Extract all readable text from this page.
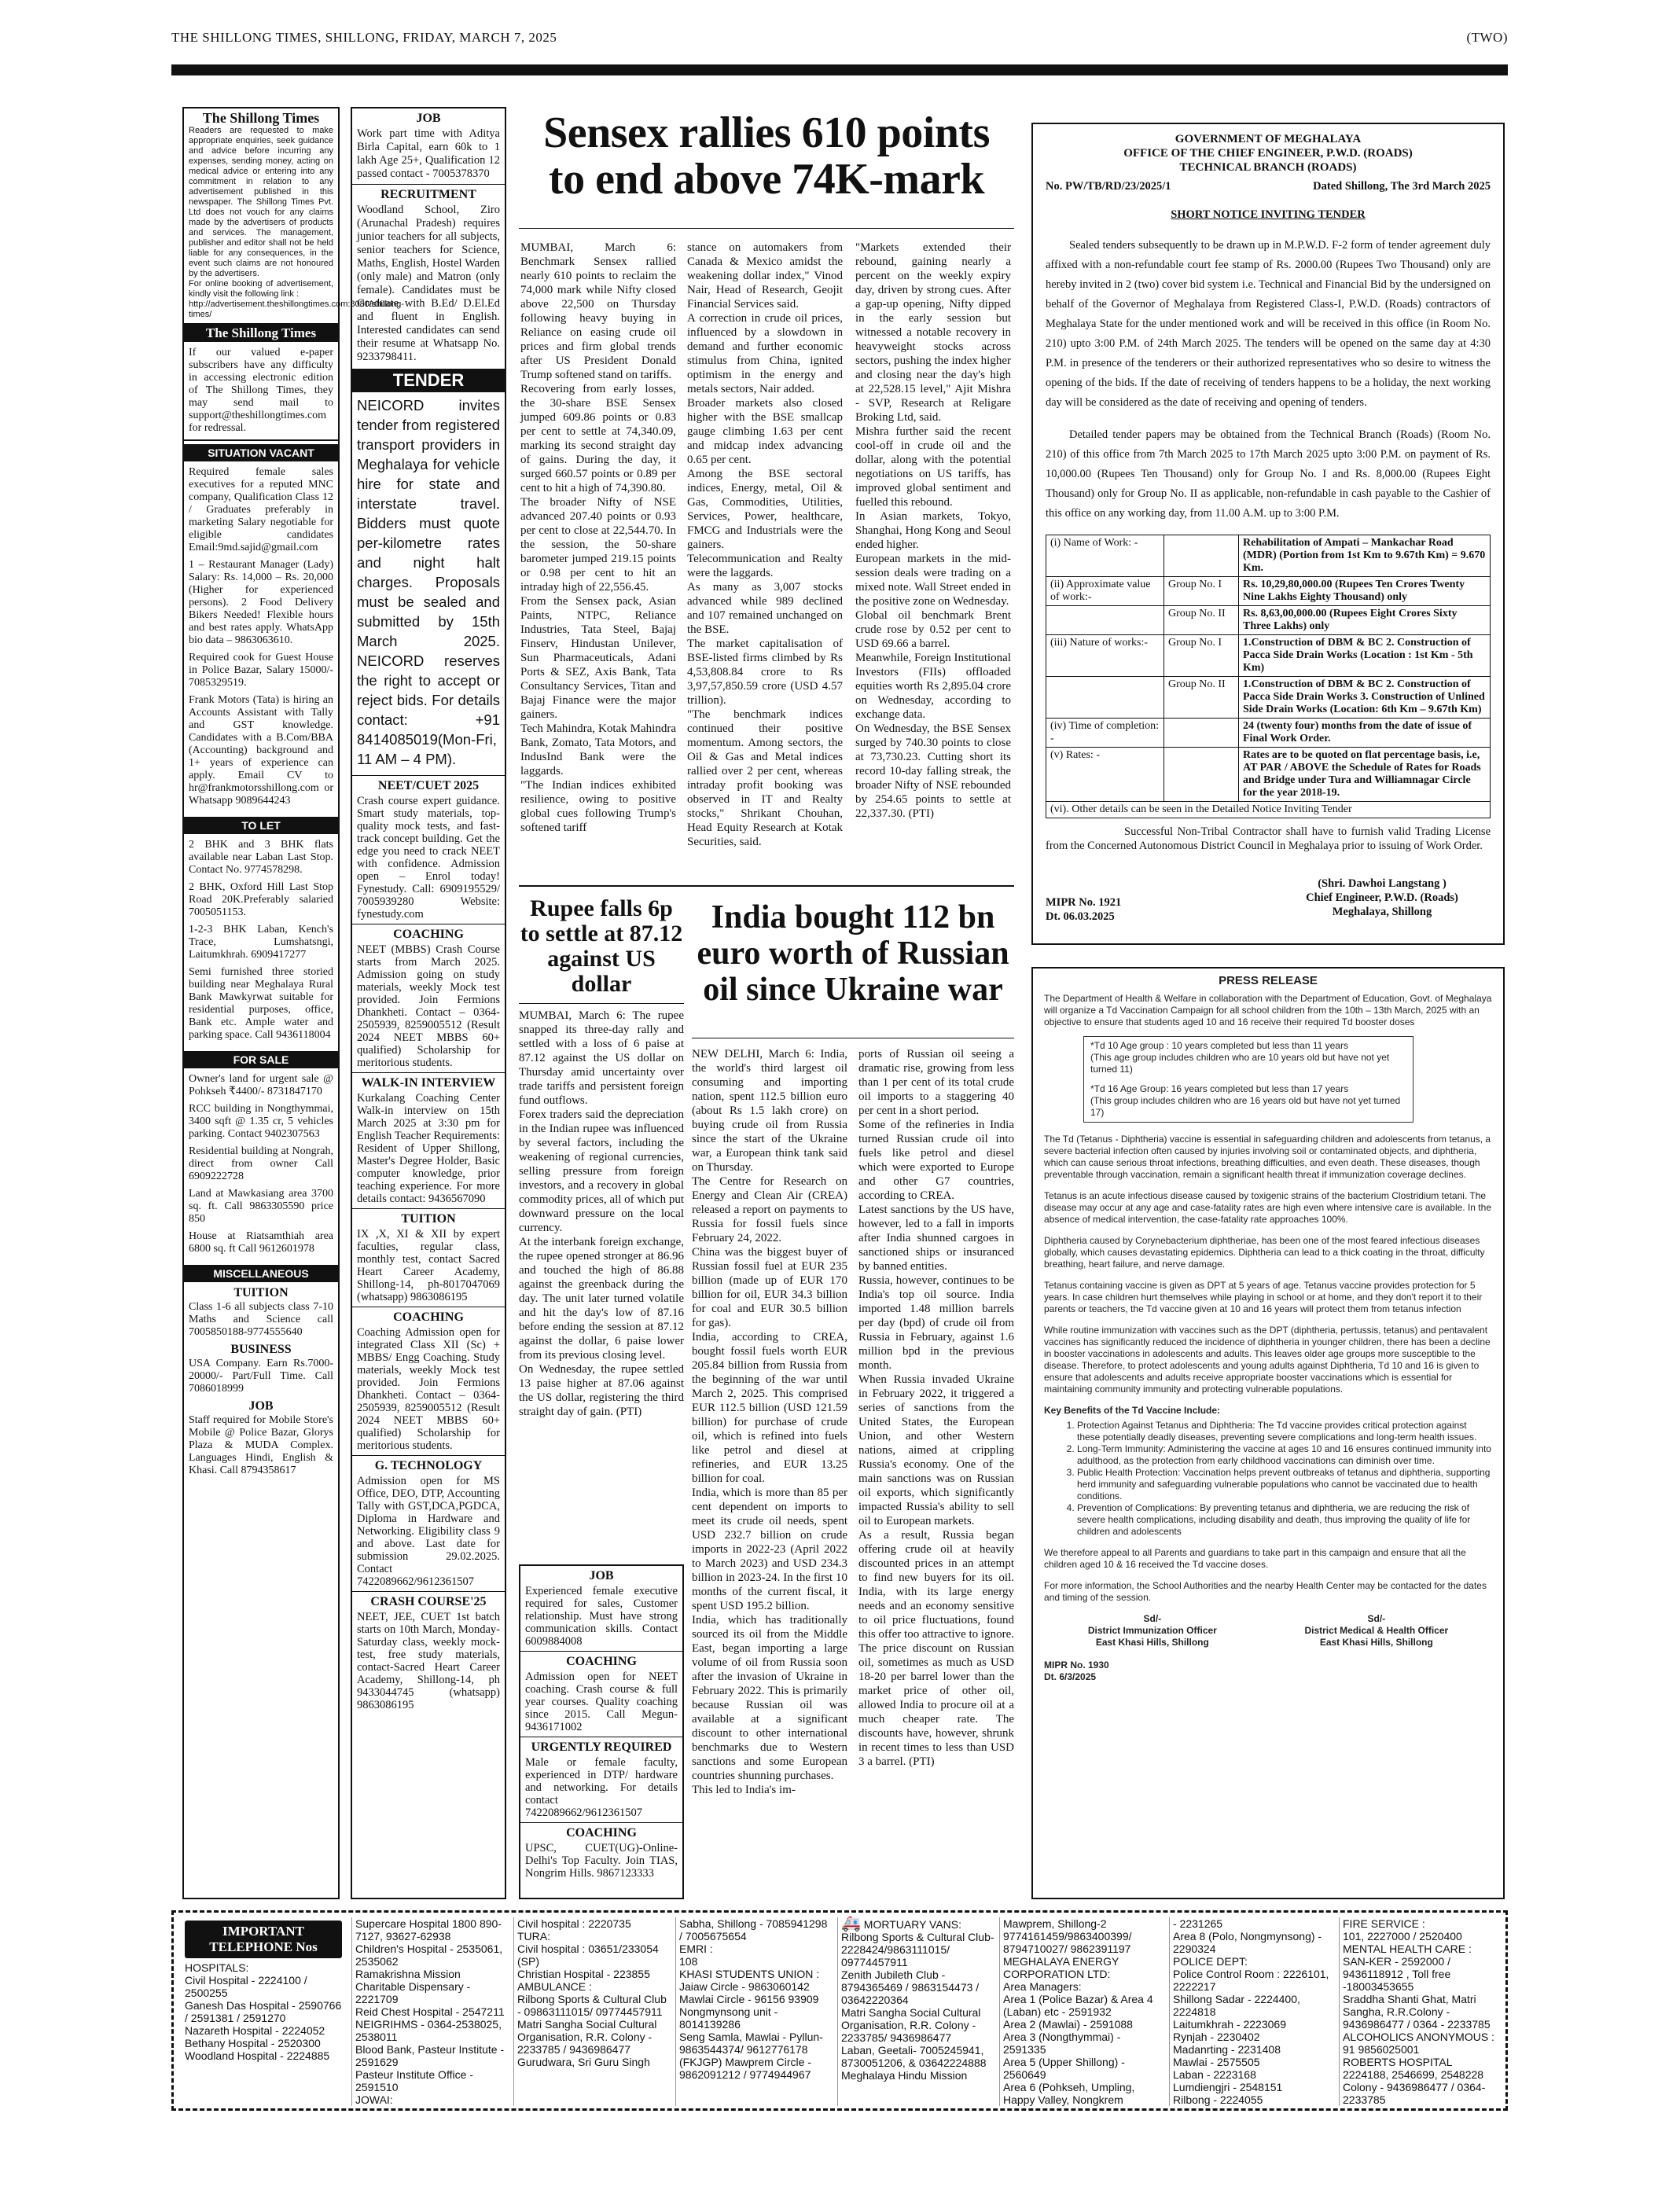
THE SHILLONG TIMES, SHILLONG, FRIDAY, MARCH 7, 2025	(TWO)
The Shillong Times
Readers are requested to make appropriate enquiries, seek guidance and advice before incurring any expenses, sending money, acting on medical advice or entering into any commitment in relation to any advertisement published in this newspaper. The Shillong Times Pvt. Ltd does not vouch for any claims made by the advertisers of products and services. The management, publisher and editor shall not be held liable for any consequences, in the event such claims are not honoured by the advertisers.
For online booking of advertisement, kindly visit the following link :
http://advertisement.theshillongtimes.com:8080/shillong-times/
The Shillong Times
If our valued e-paper subscribers have any difficulty in accessing electronic edition of The Shillong Times, they may send mail to support@theshillongtimes.com for redressal.
SITUATION VACANT

Required female sales executives for a reputed MNC company, Qualification Class 12 / Graduates preferably in marketing Salary negotiable for eligible candidates Email:9md.sajid@gmail.com

1 – Restaurant Manager (Lady) Salary: Rs. 14,000 – Rs. 20,000 (Higher for experienced persons). 2 Food Delivery Bikers Needed! Flexible hours and best rates apply. WhatsApp bio data – 9863063610.

Required cook for Guest House in Police Bazar, Salary 15000/- 7085329519.

Frank Motors (Tata) is hiring an Accounts Assistant with Tally and GST knowledge. Candidates with a B.Com/BBA (Accounting) background and 1+ years of experience can apply. Email CV to hr@frankmotorsshillong.com or Whatsapp 9089644243

TO LET

2 BHK and 3 BHK flats available near Laban Last Stop. Contact No. 9774578298.

2 BHK, Oxford Hill Last Stop Road 20K.Preferably salaried 7005051153.

1-2-3 BHK Laban, Kench's Trace, Lumshatsngi, Laitumkhrah. 6909417277

Semi furnished three storied building near Meghalaya Rural Bank Mawkyrwat suitable for residential purposes, office, Bank etc. Ample water and parking space. Call 9436118004

FOR SALE

Owner's land for urgent sale @ Pohkseh ₹4400/- 8731847170

RCC building in Nongthymmai, 3400 sqft @ 1.35 cr, 5 vehicles parking. Contact 9402307563

Residential building at Nongrah, direct from owner Call 6909222728

Land at Mawkasiang area 3700 sq. ft. Call 9863305590 price 850

House at Riatsamthiah area 6800 sq. ft Call 9612601978

MISCELLANEOUS
TUITION

Class 1-6 all subjects class 7-10 Maths and Science call 7005850188-9774555640

BUSINESS

USA Company. Earn Rs.7000-20000/- Part/Full Time. Call 7086018999

JOB

Staff required for Mobile Store's Mobile @ Police Bazar, Glorys Plaza & MUDA Complex. Languages Hindi, English & Khasi. Call 8794358617

JOB

Work part time with Aditya Birla Capital, earn 60k to 1 lakh Age 25+, Qualification 12 passed contact - 7005378370

RECRUITMENT

Woodland School, Ziro (Arunachal Pradesh) requires junior teachers for all subjects, senior teachers for Science, Maths, English, Hostel Warden (only male) and Matron (only female). Candidates must be Graduate with B.Ed/ D.El.Ed and fluent in English. Interested candidates can send their resume at Whatsapp No. 9233798411.

TENDER

NEICORD invites tender from registered transport providers in Meghalaya for vehicle hire for state and interstate travel. Bidders must quote per-kilometre rates and night halt charges. Proposals must be sealed and submitted by 15th March 2025. NEICORD reserves the right to accept or reject bids. For details contact: +91 8414085019(Mon-Fri, 11 AM – 4 PM).

NEET/CUET 2025

Crash course expert guidance. Smart study materials, top-quality mock tests, and fast-track concept building. Get the edge you need to crack NEET with confidence. Admission open – Enrol today! Fynestudy. Call: 6909195529/ 7005939280 Website: fynestudy.com

COACHING

NEET (MBBS) Crash Course starts from March 2025. Admission going on study materials, weekly Mock test provided. Join Fermions Dhankheti. Contact – 0364-2505939, 8259005512 (Result 2024 NEET MBBS 60+ qualified) Scholarship for meritorious students.

WALK-IN INTERVIEW

Kurkalang Coaching Center Walk-in interview on 15th March 2025 at 3:30 pm for English Teacher Requirements: Resident of Upper Shillong, Master's Degree Holder, Basic computer knowledge, prior teaching experience. For more details contact: 9436567090

TUITION

IX ,X, XI & XII by expert faculties, regular class, monthly test, contact Sacred Heart Career Academy, Shillong-14, ph-8017047069 (whatsapp) 9863086195

COACHING

Coaching Admission open for integrated Class XII (Sc) + MBBS/ Engg Coaching. Study materials, weekly Mock test provided. Join Fermions Dhankheti. Contact – 0364-2505939, 8259005512 (Result 2024 NEET MBBS 60+ qualified) Scholarship for meritorious students.

G. TECHNOLOGY

Admission open for MS Office, DEO, DTP, Accounting Tally with GST,DCA,PGDCA, Diploma in Hardware and Networking. Eligibility class 9 and above. Last date for submission 29.02.2025. Contact 7422089662/9612361507

CRASH COURSE'25

NEET, JEE, CUET 1st batch starts on 10th March, Monday-Saturday class, weekly mock-test, free study materials, contact-Sacred Heart Career Academy, Shillong-14, ph 9433044745 (whatsapp) 9863086195

Sensex rallies 610 points to end above 74K-mark
MUMBAI, March 6: Benchmark Sensex rallied nearly 610 points to reclaim the 74,000 mark while Nifty closed above 22,500 on Thursday following heavy buying in Reliance on easing crude oil prices and firm global trends after US President Donald Trump softened stand on tariffs.
Recovering from early losses, the 30-share BSE Sensex jumped 609.86 points or 0.83 per cent to settle at 74,340.09, marking its second straight day of gains. During the day, it surged 660.57 points or 0.89 per cent to hit a high of 74,390.80.
The broader Nifty of NSE advanced 207.40 points or 0.93 per cent to close at 22,544.70. In the session, the 50-share barometer jumped 219.15 points or 0.98 per cent to hit an intraday high of 22,556.45.
From the Sensex pack, Asian Paints, NTPC, Reliance Industries, Tata Steel, Bajaj Finserv, Hindustan Unilever, Sun Pharmaceuticals, Adani Ports & SEZ, Axis Bank, Tata Consultancy Services, Titan and Bajaj Finance were the major gainers.
Tech Mahindra, Kotak Mahindra Bank, Zomato, Tata Motors, and IndusInd Bank were the laggards.
"The Indian indices exhibited resilience, owing to positive global cues following Trump's softened tariff
stance on automakers from Canada & Mexico amidst the weakening dollar index," Vinod Nair, Head of Research, Geojit Financial Services said.
A correction in crude oil prices, influenced by a slowdown in demand and further economic stimulus from China, ignited optimism in the energy and metals sectors, Nair added.
Broader markets also closed higher with the BSE smallcap gauge climbing 1.63 per cent and midcap index advancing 0.65 per cent.
Among the BSE sectoral indices, Energy, metal, Oil & Gas, Commodities, Utilities, Services, Power, healthcare, FMCG and Industrials were the gainers.
Telecommunication and Realty were the laggards.
As many as 3,007 stocks advanced while 989 declined and 107 remained unchanged on the BSE.
The market capitalisation of BSE-listed firms climbed by Rs 4,53,808.84 crore to Rs 3,97,57,850.59 crore (USD 4.57 trillion).
"The benchmark indices continued their positive momentum. Among sectors, the Oil & Gas and Metal indices rallied over 2 per cent, whereas intraday profit booking was observed in IT and Realty stocks," Shrikant Chouhan, Head Equity Research at Kotak Securities, said.
"Markets extended their rebound, gaining nearly a percent on the weekly expiry day, driven by strong cues. After a gap-up opening, Nifty dipped in the early session but witnessed a notable recovery in heavyweight stocks across sectors, pushing the index higher and closing near the day's high at 22,528.15 level," Ajit Mishra - SVP, Research at Religare Broking Ltd, said.
Mishra further said the recent cool-off in crude oil and the dollar, along with the potential negotiations on US tariffs, has improved global sentiment and fuelled this rebound.
In Asian markets, Tokyo, Shanghai, Hong Kong and Seoul ended higher.
European markets in the mid-session deals were trading on a mixed note. Wall Street ended in the positive zone on Wednesday.
Global oil benchmark Brent crude rose by 0.52 per cent to USD 69.66 a barrel.
Meanwhile, Foreign Institutional Investors (FIIs) offloaded equities worth Rs 2,895.04 crore on Wednesday, according to exchange data.
On Wednesday, the BSE Sensex surged by 740.30 points to close at 73,730.23. Cutting short its record 10-day falling streak, the broader Nifty of NSE rebounded by 254.65 points to settle at 22,337.30. (PTI)
Rupee falls 6p to settle at 87.12 against US dollar
MUMBAI, March 6: The rupee snapped its three-day rally and settled with a loss of 6 paise at 87.12 against the US dollar on Thursday amid uncertainty over trade tariffs and persistent foreign fund outflows.
Forex traders said the depreciation in the Indian rupee was influenced by several factors, including the weakening of regional currencies, selling pressure from foreign investors, and a recovery in global commodity prices, all of which put downward pressure on the local currency.
At the interbank foreign exchange, the rupee opened stronger at 86.96 and touched the high of 86.88 against the greenback during the day. The unit later turned volatile and hit the day's low of 87.16 before ending the session at 87.12 against the dollar, 6 paise lower from its previous closing level.
On Wednesday, the rupee settled 13 paise higher at 87.06 against the US dollar, registering the third straight day of gain. (PTI)
JOB

Experienced female executive required for sales, Customer relationship. Must have strong communication skills. Contact 6009884008

COACHING

Admission open for NEET coaching. Crash course & full year courses. Quality coaching since 2015. Call Megun- 9436171002

URGENTLY REQUIRED

Male or female faculty, experienced in DTP/ hardware and networking. For details contact 7422089662/9612361507

COACHING

UPSC, CUET(UG)-Online-Delhi's Top Faculty. Join TIAS, Nongrim Hills. 9867123333

India bought 112 bn euro worth of Russian oil since Ukraine war
NEW DELHI, March 6: India, the world's third largest oil consuming and importing nation, spent 112.5 billion euro (about Rs 1.5 lakh crore) on buying crude oil from Russia since the start of the Ukraine war, a European think tank said on Thursday.
The Centre for Research on Energy and Clean Air (CREA) released a report on payments to Russia for fossil fuels since February 24, 2022.
China was the biggest buyer of Russian fossil fuel at EUR 235 billion (made up of EUR 170 billion for oil, EUR 34.3 billion for coal and EUR 30.5 billion for gas).
India, according to CREA, bought fossil fuels worth EUR 205.84 billion from Russia from the beginning of the war until March 2, 2025. This comprised EUR 112.5 billion (USD 121.59 billion) for purchase of crude oil, which is refined into fuels like petrol and diesel at refineries, and EUR 13.25 billion for coal.
India, which is more than 85 per cent dependent on imports to meet its crude oil needs, spent USD 232.7 billion on crude imports in 2022-23 (April 2022 to March 2023) and USD 234.3 billion in 2023-24. In the first 10 months of the current fiscal, it spent USD 195.2 billion.
India, which has traditionally sourced its oil from the Middle East, began importing a large volume of oil from Russia soon after the invasion of Ukraine in February 2022. This is primarily because Russian oil was available at a significant discount to other international benchmarks due to Western sanctions and some European countries shunning purchases.
This led to India's im-
ports of Russian oil seeing a dramatic rise, growing from less than 1 per cent of its total crude oil imports to a staggering 40 per cent in a short period.
Some of the refineries in India turned Russian crude oil into fuels like petrol and diesel which were exported to Europe and other G7 countries, according to CREA.
Latest sanctions by the US have, however, led to a fall in imports after India shunned cargoes in sanctioned ships or insuranced by banned entities.
Russia, however, continues to be India's top oil source. India imported 1.48 million barrels per day (bpd) of crude oil from Russia in February, against 1.6 million bpd in the previous month.
When Russia invaded Ukraine in February 2022, it triggered a series of sanctions from the United States, the European Union, and other Western nations, aimed at crippling Russia's economy. One of the main sanctions was on Russian oil exports, which significantly impacted Russia's ability to sell oil to European markets.
As a result, Russia began offering crude oil at heavily discounted prices in an attempt to find new buyers for its oil. India, with its large energy needs and an economy sensitive to oil price fluctuations, found this offer too attractive to ignore.
The price discount on Russian oil, sometimes as much as USD 18-20 per barrel lower than the market price of other oil, allowed India to procure oil at a much cheaper rate. The discounts have, however, shrunk in recent times to less than USD 3 a barrel. (PTI)
GOVERNMENT OF MEGHALAYA
OFFICE OF THE CHIEF ENGINEER, P.W.D. (ROADS)
TECHNICAL BRANCH (ROADS)
No. PW/TB/RD/23/2025/1	Dated Shillong, The 3rd March 2025
SHORT NOTICE INVITING TENDER

Sealed tenders subsequently to be drawn up in M.P.W.D. F-2 form of tender agreement duly affixed with a non-refundable court fee stamp of Rs. 2000.00 (Rupees Two Thousand) only are hereby invited in 2 (two) cover bid system i.e. Technical and Financial Bid by the undersigned on behalf of the Governor of Meghalaya from Registered Class-I, P.W.D. (Roads) contractors of Meghalaya State for the under mentioned work and will be received in this office (in Room No. 210) upto 3:00 P.M. of 24th March 2025. The tenders will be opened on the same day at 4:30 P.M. in presence of the tenderers or their authorized representatives who so desire to witness the opening of the bids. If the date of receiving of tenders happens to be a holiday, the next working day will be considered as the date of receiving and opening of tenders.

Detailed tender papers may be obtained from the Technical Branch (Roads) (Room No. 210) of this office from 7th March 2025 to 17th March 2025 upto 3:00 P.M. on payment of Rs. 10,000.00 (Rupees Ten Thousand) only for Group No. I and Rs. 8,000.00 (Rupees Eight Thousand) only for Group No. II as applicable, non-refundable in cash payable to the Cashier of this office on any working day, from 11.00 A.M. up to 3:00 P.M.

(i) Name of Work: -		Rehabilitation of Ampati – Mankachar Road (MDR) (Portion from 1st Km to 9.67th Km) = 9.670 Km.
(ii) Approximate value of work:-	Group No. I	Rs. 10,29,80,000.00 (Rupees Ten Crores Twenty Nine Lakhs Eighty Thousand) only
	Group No. II	Rs. 8,63,00,000.00 (Rupees Eight Crores Sixty Three Lakhs) only
(iii) Nature of works:-	Group No. I	1.Construction of DBM & BC 2. Construction of Pacca Side Drain Works (Location : 1st Km - 5th Km)
	Group No. II	1.Construction of DBM & BC 2. Construction of Pacca Side Drain Works 3. Construction of Unlined Side Drain Works (Location: 6th Km – 9.67th Km)
(iv) Time of completion: -		24 (twenty four) months from the date of issue of Final Work Order.
(v) Rates: -		Rates are to be quoted on flat percentage basis, i.e, AT PAR / ABOVE the Schedule of Rates for Roads and Bridge under Tura and Williamnagar Circle for the year 2018-19.
(vi). Other details can be seen in the Detailed Notice Inviting Tender		

Successful Non-Tribal Contractor shall have to furnish valid Trading License from the Concerned Autonomous District Council in Meghalaya prior to issuing of Work Order.

(Shri. Dawhoi Langstang )
Chief Engineer, P.W.D. (Roads)
Meghalaya, Shillong
MIPR No. 1921
Dt. 06.03.2025
PRESS RELEASE

The Department of Health & Welfare in collaboration with the Department of Education, Govt. of Meghalaya will organize a Td Vaccination Campaign for all school children from the 10th – 13th March, 2025 with an objective to ensure that students aged 10 and 16 receive their required Td booster doses

*Td 10 Age group : 10 years completed but less than 11 years
(This age group includes children who are 10 years old but have not yet turned 11)

*Td 16 Age Group: 16 years completed but less than 17 years
(This group includes children who are 16 years old but have not yet turned 17)

The Td (Tetanus - Diphtheria) vaccine is essential in safeguarding children and adolescents from tetanus, a severe bacterial infection often caused by injuries involving soil or contaminated objects, and diphtheria, which can cause serious throat infections, breathing difficulties, and even death. These diseases, though preventable through vaccination, remain a significant health threat if immunization coverage declines.

Tetanus is an acute infectious disease caused by toxigenic strains of the bacterium Clostridium tetani. The disease may occur at any age and case-fatality rates are high even where intensive care is available. In the absence of medical intervention, the case-fatality rate approaches 100%.

Diphtheria caused by Corynebacterium diphtheriae, has been one of the most feared infectious diseases globally, which causes devastating epidemics. Diphtheria can lead to a thick coating in the throat, difficulty breathing, heart failure, and nerve damage.

Tetanus containing vaccine is given as DPT at 5 years of age. Tetanus vaccine provides protection for 5 years. In case children hurt themselves while playing in school or at home, and they don't report it to their parents or teachers, the Td vaccine given at 10 and 16 years will protect them from tetanus infection

While routine immunization with vaccines such as the DPT (diphtheria, pertussis, tetanus) and pentavalent vaccines has significantly reduced the incidence of diphtheria in younger children, there has been a decline in booster vaccinations in adolescents and adults. This leaves older age groups more susceptible to the disease. Therefore, to protect adolescents and young adults against Diphtheria, Td 10 and 16 is given to ensure that adolescents and adults receive appropriate booster vaccinations which is essential for maintaining community immunity and protecting vulnerable populations.

Key Benefits of the Td Vaccine Include:
1. Protection Against Tetanus and Diphtheria: The Td vaccine provides critical protection against these potentially deadly diseases, preventing severe complications and long-term health issues.
2. Long-Term Immunity: Administering the vaccine at ages 10 and 16 ensures continued immunity into adulthood, as the protection from early childhood vaccinations can diminish over time.
3. Public Health Protection: Vaccination helps prevent outbreaks of tetanus and diphtheria, supporting herd immunity and safeguarding vulnerable populations who cannot be vaccinated due to health conditions.
4. Prevention of Complications: By preventing tetanus and diphtheria, we are reducing the risk of severe health complications, including disability and death, thus improving the quality of life for children and adolescents

We therefore appeal to all Parents and guardians to take part in this campaign and ensure that all the children aged 10 & 16 received the Td vaccine doses.

For more information, the School Authorities and the nearby Health Center may be contacted for the dates and timing of the session.

Sd/-
District Immunization Officer
East Khasi Hills, Shillong
Sd/-
District Medical & Health Officer
East Khasi Hills, Shillong
MIPR No. 1930
Dt. 6/3/2025
IMPORTANT TELEPHONE Nos
HOSPITALS:
Civil Hospital - 2224100 / 2500255
Ganesh Das Hospital - 2590766 / 2591381 / 2591270
Nazareth Hospital - 2224052
Bethany Hospital - 2520300
Woodland Hospital - 2224885
Supercare Hospital 1800 890-7127, 93627-62938
Children's Hospital - 2535061, 2535062
Ramakrishna Mission Charitable Dispensary - 2221709
Reid Chest Hospital - 2547211
NEIGRIHMS - 0364-2538025, 2538011
Blood Bank, Pasteur Institute - 2591629
Pasteur Institute Office - 2591510
JOWAI:
Civil hospital : 2220735
TURA:
Civil hospital : 03651/233054 (SP)
Christian Hospital - 223855
AMBULANCE :
Rilbong Sports & Cultural Club - 09863111015/ 09774457911
Matri Sangha Social Cultural Organisation, R.R. Colony - 2233785 / 9436986477
Gurudwara, Sri Guru Singh
Sabha, Shillong - 7085941298 / 7005675654
EMRI :
108
KHASI STUDENTS UNION :
Jaiaw Circle - 9863060142
Mawlai Circle - 96156 93909
Nongmynsong unit - 8014139286
Seng Samla, Mawlai - Pyllun-9863544374/ 9612776178
(FKJGP) Mawprem Circle - 9862091212 / 9774944967
🚑 MORTUARY VANS:
Rilbong Sports & Cultural Club-2228424/9863111015/ 09774457911
Zenith Jubileth Club - 8794365469 / 9863154473 / 03642220364
Matri Sangha Social Cultural Organisation, R.R. Colony - 2233785/ 9436986477
Laban, Geetali- 7005245941, 8730051206, & 03642224888
Meghalaya Hindu Mission
Mawprem, Shillong-2 9774161459/9863400399/ 8794710027/ 9862391197
MEGHALAYA ENERGY CORPORATION LTD:
Area Managers:
Area 1 (Police Bazar) & Area 4 (Laban) etc - 2591932
Area 2 (Mawlai) - 2591088
Area 3 (Nongthymmai) - 2591335
Area 5 (Upper Shillong) - 2560649
Area 6 (Pohkseh, Umpling, Happy Valley, Nongkrem
- 2231265
Area 8 (Polo, Nongmynsong) - 2290324
POLICE DEPT:
Police Control Room : 2226101, 2222217
Shillong Sadar - 2224400, 2224818
Laitumkhrah - 2223069
Rynjah - 2230402
Madanrting - 2231408
Mawlai - 2575505
Laban - 2223168
Lumdiengjri - 2548151
Rilbong - 2224055
FIRE SERVICE :
101, 2227000 / 2520400
MENTAL HEALTH CARE :
SAN-KER - 2592000 / 9436118912 , Toll free -18003453655
Sraddha Shanti Ghat, Matri Sangha, R.R.Colony - 9436986477 / 0364 - 2233785
ALCOHOLICS ANONYMOUS :
91 9856025001
ROBERTS HOSPITAL
2224188, 2546699, 2548228
Colony - 9436986477 / 0364-2233785
